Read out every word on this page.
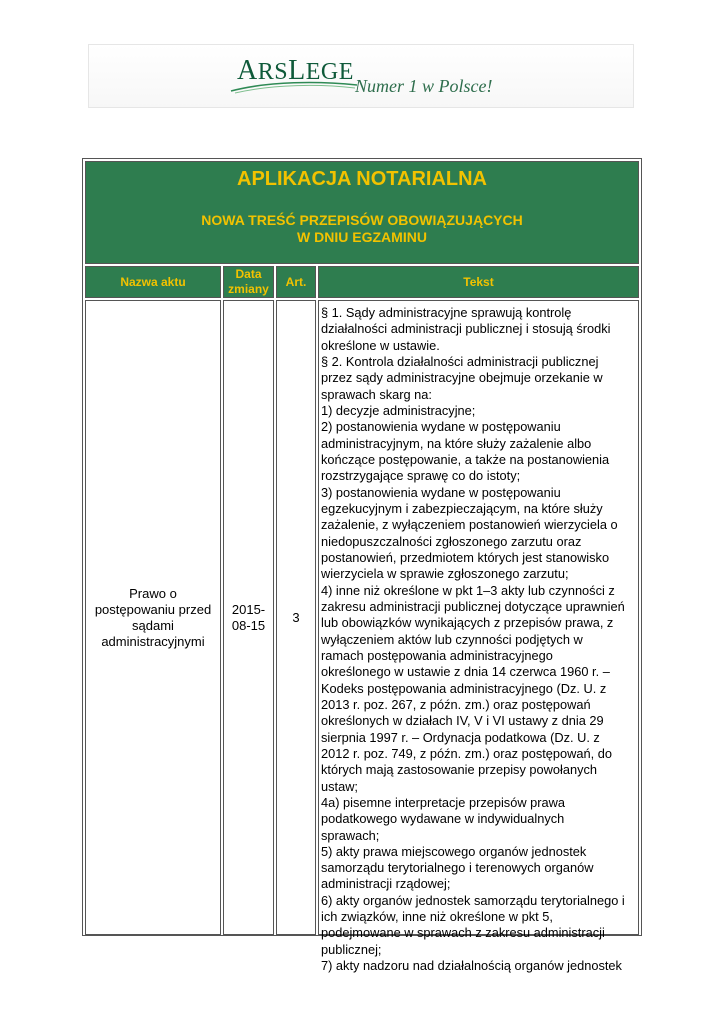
ARSLEGE
Numer 1 w Polsce!
APLIKACJA NOTARIALNA
NOWA TREŚĆ PRZEPISÓW OBOWIĄZUJĄCYCH
W DNIU EGZAMINU
Nazwa aktu
Data
zmiany
Art.	Tekst
Prawo o
postępowaniu przed
sądami
administracyjnymi
2015-
08-15
3
§ 1. Sądy administracyjne sprawują kontrolę
działalności administracji publicznej i stosują środki
określone w ustawie.
§ 2. Kontrola działalności administracji publicznej
przez sądy administracyjne obejmuje orzekanie w
sprawach skarg na:
1) decyzje administracyjne;
2) postanowienia wydane w postępowaniu
administracyjnym, na które służy zażalenie albo
kończące postępowanie, a także na postanowienia
rozstrzygające sprawę co do istoty;
3) postanowienia wydane w postępowaniu
egzekucyjnym i zabezpieczającym, na które służy
zażalenie, z wyłączeniem postanowień wierzyciela o
niedopuszczalności zgłoszonego zarzutu oraz
postanowień, przedmiotem których jest stanowisko
wierzyciela w sprawie zgłoszonego zarzutu;
4) inne niż określone w pkt 1–3 akty lub czynności z
zakresu administracji publicznej dotyczące uprawnień
lub obowiązków wynikających z przepisów prawa, z
wyłączeniem aktów lub czynności podjętych w
ramach postępowania administracyjnego
określonego w ustawie z dnia 14 czerwca 1960 r. –
Kodeks postępowania administracyjnego (Dz. U. z
2013 r. poz. 267, z późn. zm.) oraz postępowań
określonych w działach IV, V i VI ustawy z dnia 29
sierpnia 1997 r. – Ordynacja podatkowa (Dz. U. z
2012 r. poz. 749, z późn. zm.) oraz postępowań, do
których mają zastosowanie przepisy powołanych
ustaw;
4a) pisemne interpretacje przepisów prawa
podatkowego wydawane w indywidualnych
sprawach;
5) akty prawa miejscowego organów jednostek
samorządu terytorialnego i terenowych organów
administracji rządowej;
6) akty organów jednostek samorządu terytorialnego i
ich związków, inne niż określone w pkt 5,
podejmowane w sprawach z zakresu administracji
publicznej;
7) akty nadzoru nad działalnością organów jednostek
